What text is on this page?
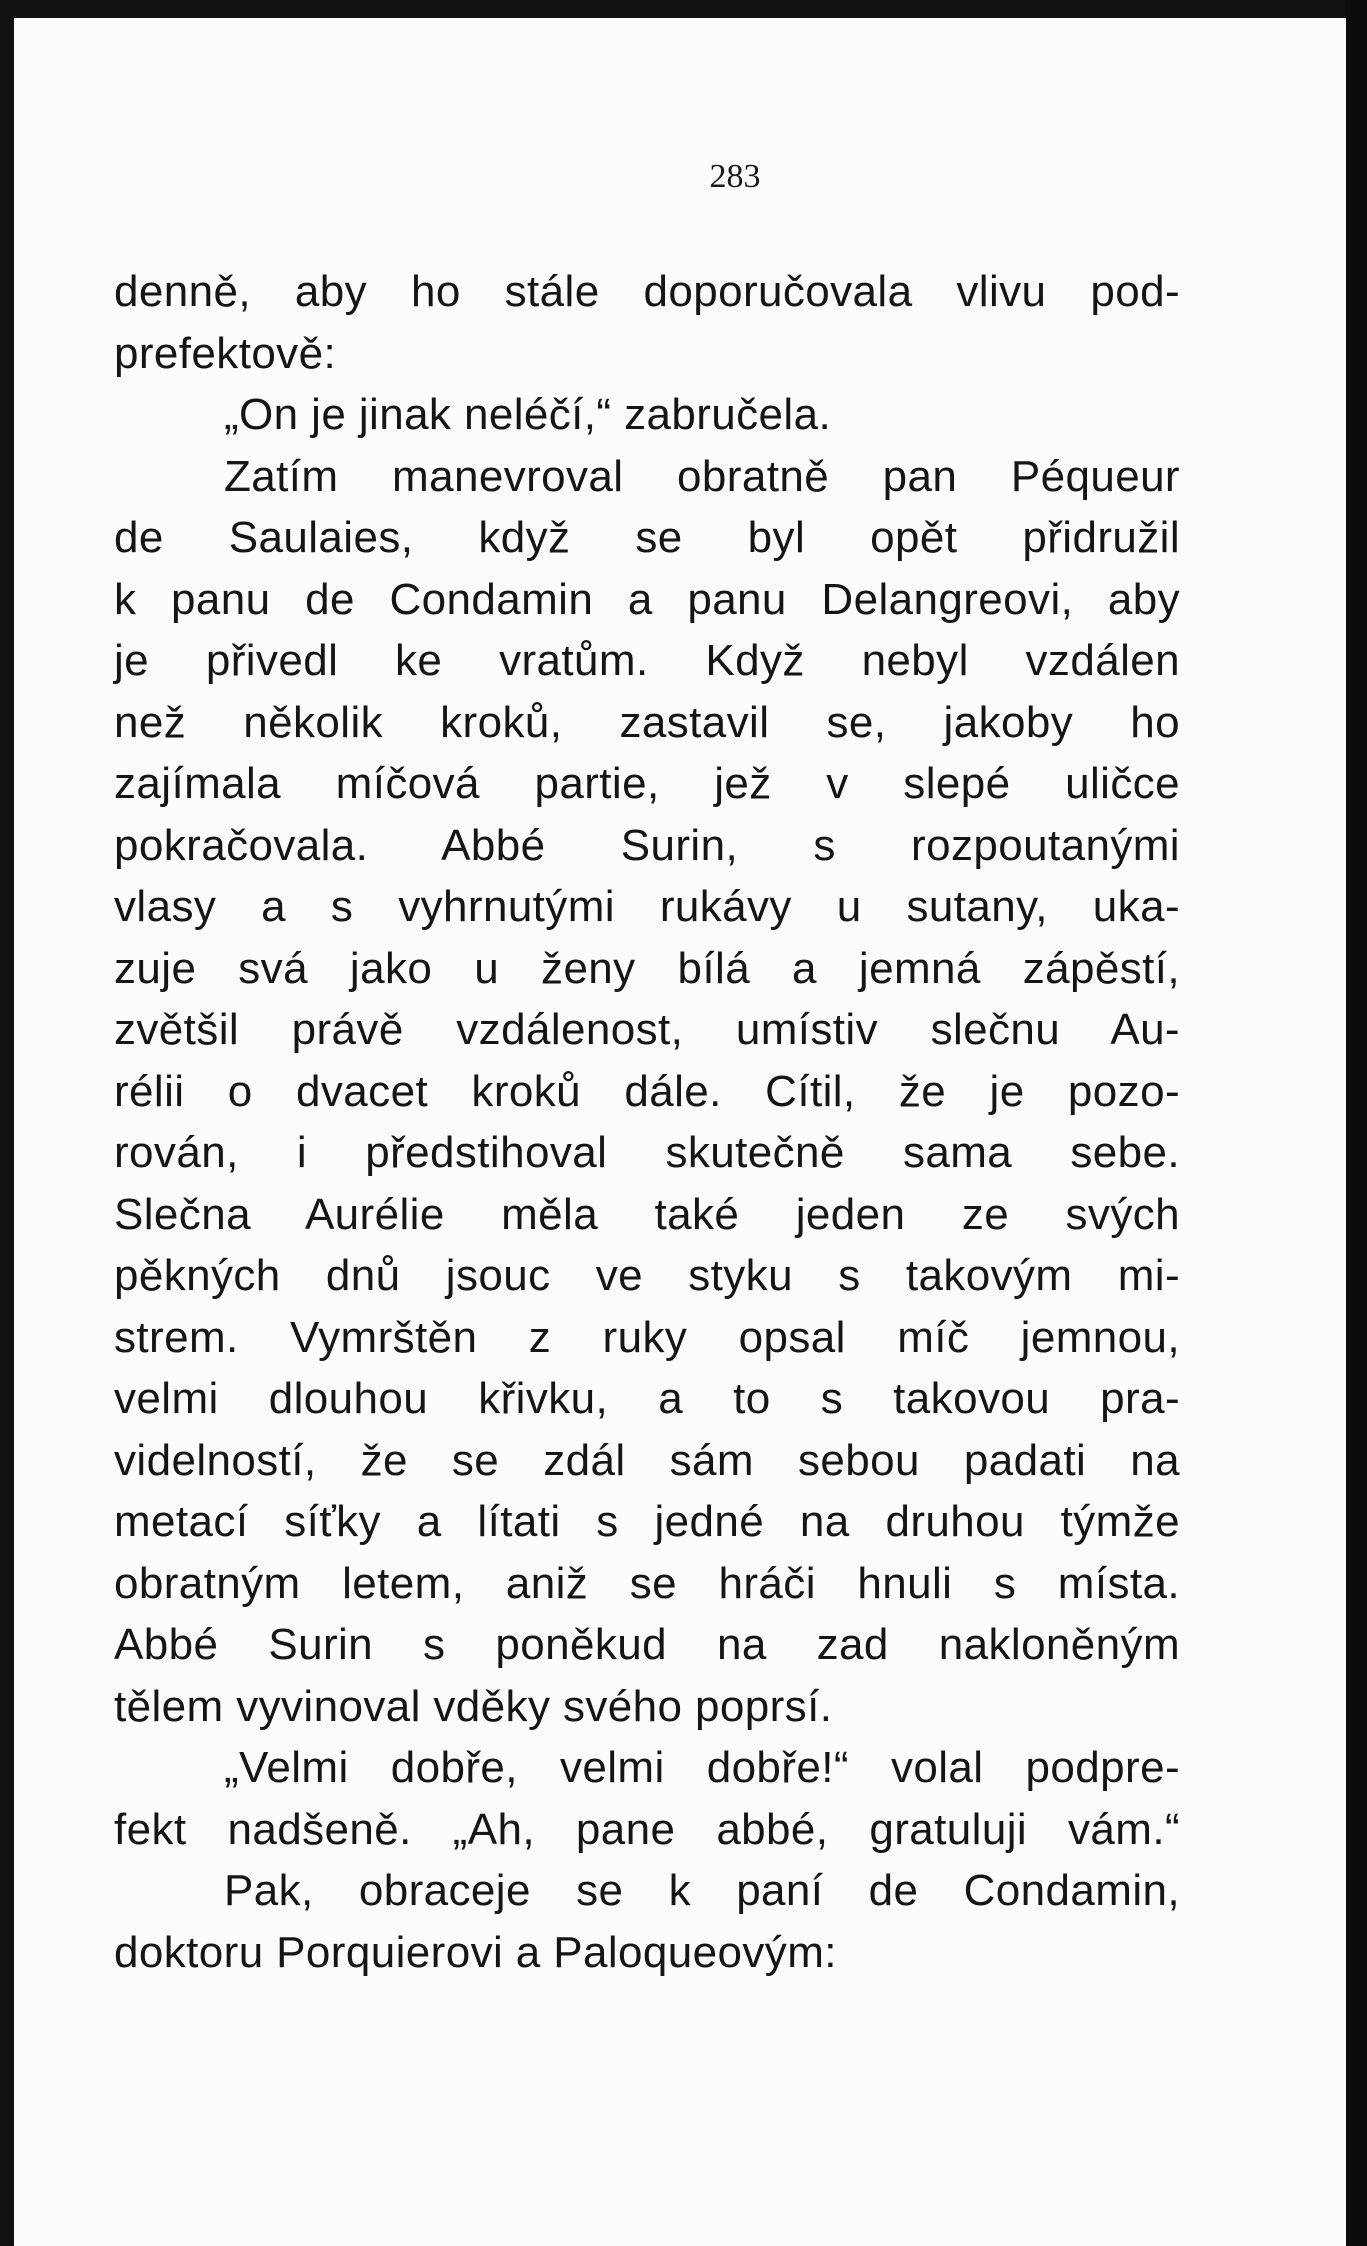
283
denně, aby ho stále doporučovala vlivu pod-
prefektově:
„On je jinak neléčí,“ zabručela.
Zatím manevroval obratně pan Péqueur
de Saulaies, když se byl opět přidružil
k panu de Condamin a panu Delangreovi, aby
je přivedl ke vratům. Když nebyl vzdálen
než několik kroků, zastavil se, jakoby ho
zajímala míčová partie, jež v slepé uličce
pokračovala. Abbé Surin, s rozpoutanými
vlasy a s vyhrnutými rukávy u sutany, uka-
zuje svá jako u ženy bílá a jemná zápěstí,
zvětšil právě vzdálenost, umístiv slečnu Au-
rélii o dvacet kroků dále. Cítil, že je pozo-
rován, i předstihoval skutečně sama sebe.
Slečna Aurélie měla také jeden ze svých
pěkných dnů jsouc ve styku s takovým mi-
strem. Vymrštěn z ruky opsal míč jemnou,
velmi dlouhou křivku, a to s takovou pra-
videlností, že se zdál sám sebou padati na
metací síťky a lítati s jedné na druhou týmže
obratným letem, aniž se hráči hnuli s místa.
Abbé Surin s poněkud na zad nakloněným
tělem vyvinoval vděky svého poprsí.
„Velmi dobře, velmi dobře!“ volal podpre-
fekt nadšeně. „Ah, pane abbé, gratuluji vám.“
Pak, obraceje se k paní de Condamin,
doktoru Porquierovi a Paloqueovým:
